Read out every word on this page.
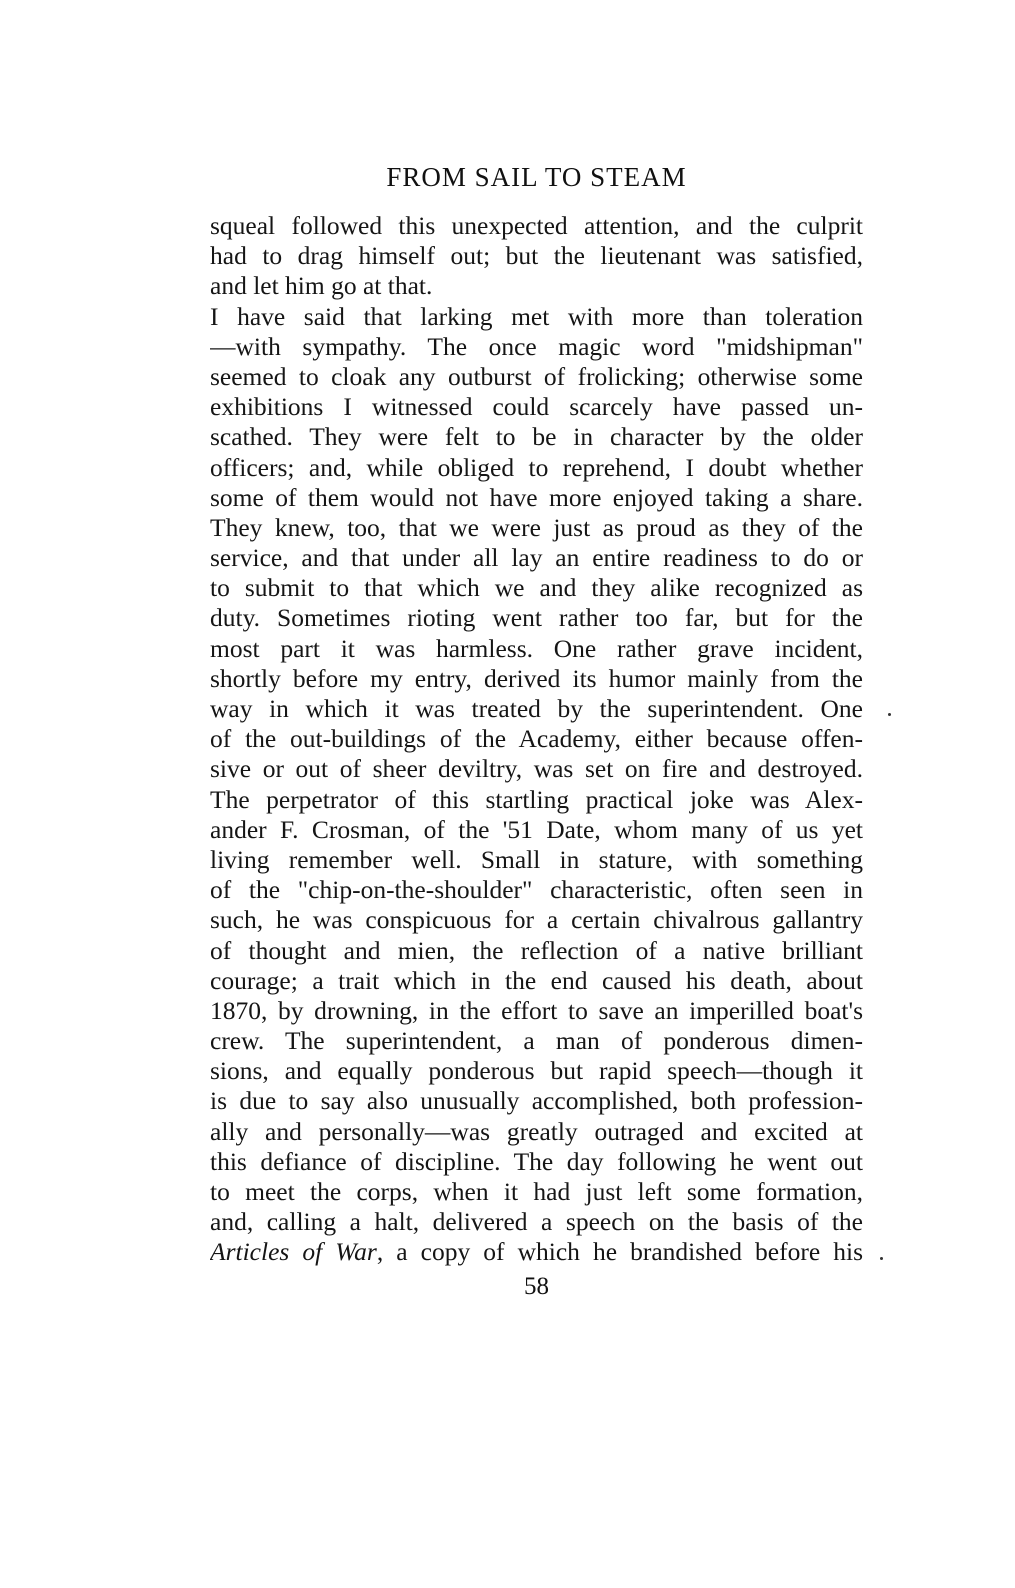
FROM SAIL TO STEAM
squeal followed this unexpected attention, and the culprit
had to drag himself out; but the lieutenant was satisfied,
and let him go at that.
I have said that larking met with more than toleration
—with sympathy. The once magic word "midshipman"
seemed to cloak any outburst of frolicking; otherwise some
exhibitions I witnessed could scarcely have passed un-
scathed. They were felt to be in character by the older
officers; and, while obliged to reprehend, I doubt whether
some of them would not have more enjoyed taking a share.
They knew, too, that we were just as proud as they of the
service, and that under all lay an entire readiness to do or
to submit to that which we and they alike recognized as
duty. Sometimes rioting went rather too far, but for the
most part it was harmless. One rather grave incident,
shortly before my entry, derived its humor mainly from the
way in which it was treated by the superintendent. One
of the out-buildings of the Academy, either because offen-
sive or out of sheer deviltry, was set on fire and destroyed.
The perpetrator of this startling practical joke was Alex-
ander F. Crosman, of the '51 Date, whom many of us yet
living remember well. Small in stature, with something
of the "chip-on-the-shoulder" characteristic, often seen in
such, he was conspicuous for a certain chivalrous gallantry
of thought and mien, the reflection of a native brilliant
courage; a trait which in the end caused his death, about
1870, by drowning, in the effort to save an imperilled boat's
crew. The superintendent, a man of ponderous dimen-
sions, and equally ponderous but rapid speech—though it
is due to say also unusually accomplished, both profession-
ally and personally—was greatly outraged and excited at
this defiance of discipline. The day following he went out
to meet the corps, when it had just left some formation,
and, calling a halt, delivered a speech on the basis of the
Articles of War, a copy of which he brandished before his
58
